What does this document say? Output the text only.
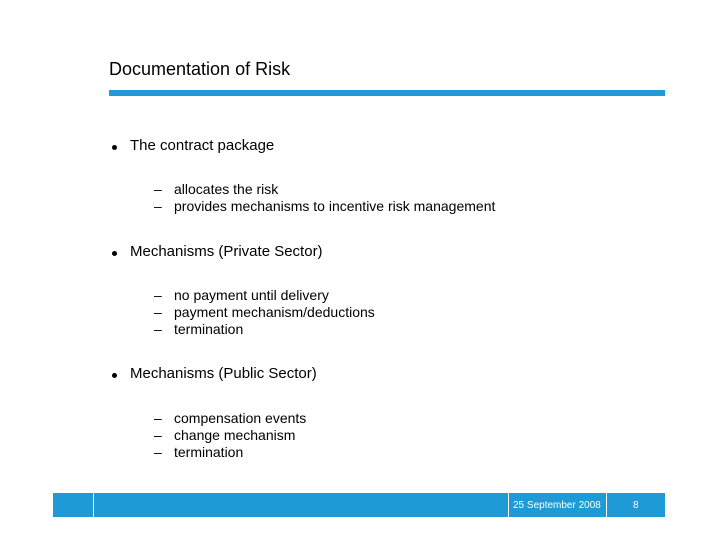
Documentation of Risk
The contract package
– allocates the risk
– provides mechanisms to incentive risk management
Mechanisms (Private Sector)
– no payment until delivery
– payment mechanism/deductions
– termination
Mechanisms (Public Sector)
– compensation events
– change mechanism
– termination
25 September 2008	8
